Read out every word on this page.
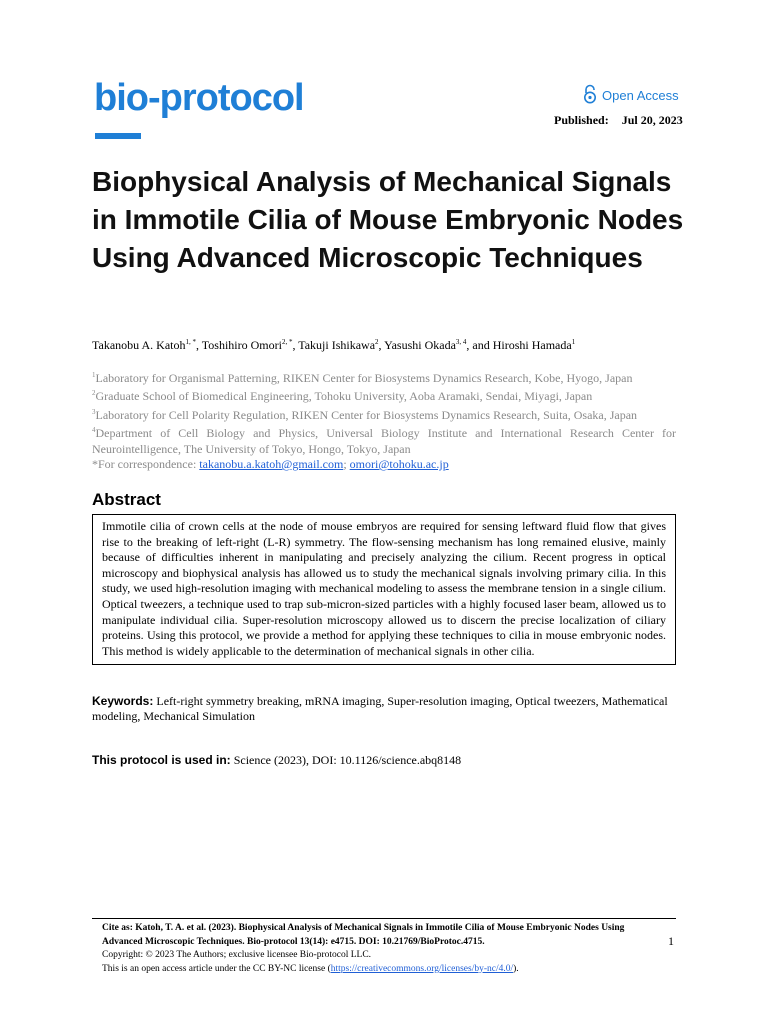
bio-protocol	Open Access
Published: Jul 20, 2023
Biophysical Analysis of Mechanical Signals in Immotile Cilia of Mouse Embryonic Nodes Using Advanced Microscopic Techniques
Takanobu A. Katoh$^{1, *}$, Toshihiro Omori$^{2, *}$, Takuji Ishikawa$^2$, Yasushi Okada$^{3, 4}$, and Hiroshi Hamada$^1$
$^1$Laboratory for Organismal Patterning, RIKEN Center for Biosystems Dynamics Research, Kobe, Hyogo, Japan
$^2$Graduate School of Biomedical Engineering, Tohoku University, Aoba Aramaki, Sendai, Miyagi, Japan
$^3$Laboratory for Cell Polarity Regulation, RIKEN Center for Biosystems Dynamics Research, Suita, Osaka, Japan
$^4$Department of Cell Biology and Physics, Universal Biology Institute and International Research Center for Neurointelligence, The University of Tokyo, Hongo, Tokyo, Japan
*For correspondence: takanobu.a.katoh@gmail.com; omori@tohoku.ac.jp
Abstract
Immotile cilia of crown cells at the node of mouse embryos are required for sensing leftward fluid flow that gives rise to the breaking of left-right (L-R) symmetry. The flow-sensing mechanism has long remained elusive, mainly because of difficulties inherent in manipulating and precisely analyzing the cilium. Recent progress in optical microscopy and biophysical analysis has allowed us to study the mechanical signals involving primary cilia. In this study, we used high-resolution imaging with mechanical modeling to assess the membrane tension in a single cilium. Optical tweezers, a technique used to trap sub-micron-sized particles with a highly focused laser beam, allowed us to manipulate individual cilia. Super-resolution microscopy allowed us to discern the precise localization of ciliary proteins. Using this protocol, we provide a method for applying these techniques to cilia in mouse embryonic nodes. This method is widely applicable to the determination of mechanical signals in other cilia.
Keywords: Left-right symmetry breaking, mRNA imaging, Super-resolution imaging, Optical tweezers, Mathematical modeling, Mechanical Simulation
This protocol is used in: Science (2023), DOI: 10.1126/science.abq8148
Cite as: Katoh, T. A. et al. (2023). Biophysical Analysis of Mechanical Signals in Immotile Cilia of Mouse Embryonic Nodes Using Advanced Microscopic Techniques. Bio-protocol 13(14): e4715. DOI: 10.21769/BioProtoc.4715.
Copyright: © 2023 The Authors; exclusive licensee Bio-protocol LLC.
This is an open access article under the CC BY-NC license (https://creativecommons.org/licenses/by-nc/4.0/).
1
